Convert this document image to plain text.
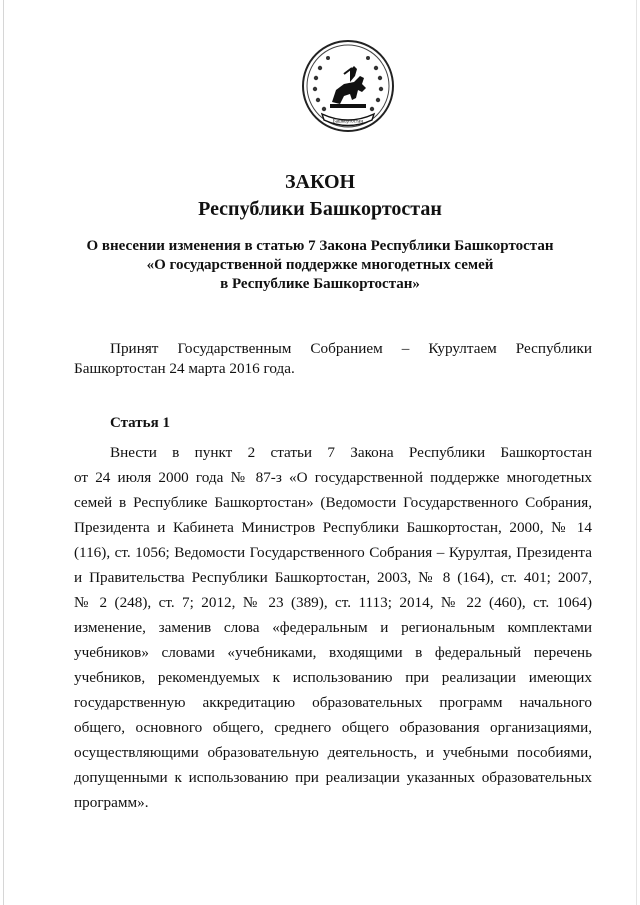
Башкортостан
ЗАКОН
Республики Башкортостан
О внесении изменения в статью 7 Закона Республики Башкортостан
«О государственной поддержке многодетных семей
в Республике Башкортостан»
Принят Государственным Собранием – Курултаем Республики
Башкортостан 24 марта 2016 года.
Статья 1
Внести в пункт 2 статьи 7 Закона Республики Башкортостан
от 24 июля 2000 года № 87-з «О государственной поддержке многодетных
семей в Республике Башкортостан» (Ведомости Государственного Собрания,
Президента и Кабинета Министров Республики Башкортостан, 2000, № 14
(116), ст. 1056; Ведомости Государственного Собрания – Курултая, Президента
и Правительства Республики Башкортостан, 2003, № 8 (164), ст. 401; 2007,
№ 2 (248), ст. 7; 2012, № 23 (389), ст. 1113; 2014, № 22 (460), ст. 1064)
изменение, заменив слова «федеральным и региональным комплектами
учебников» словами «учебниками, входящими в федеральный перечень
учебников, рекомендуемых к использованию при реализации имеющих
государственную аккредитацию образовательных программ начального
общего, основного общего, среднего общего образования организациями,
осуществляющими образовательную деятельность, и учебными пособиями,
допущенными к использованию при реализации указанных образовательных
программ».
